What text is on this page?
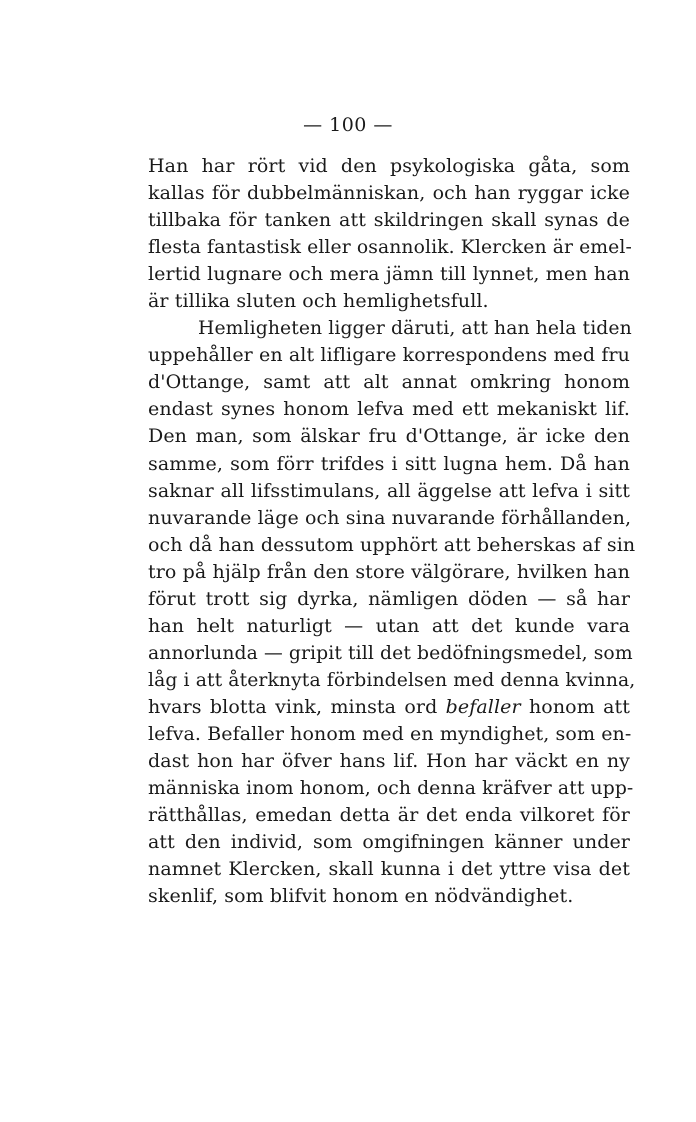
— 100 —
Han har rört vid den psykologiska gåta, som
kallas för dubbelmänniskan, och han ryggar icke
tillbaka för tanken att skildringen skall synas de
flesta fantastisk eller osannolik. Klercken är emel-
lertid lugnare och mera jämn till lynnet, men han
är tillika sluten och hemlighetsfull.
Hemligheten ligger däruti, att han hela tiden
uppehåller en alt lifligare korrespondens med fru
d'Ottange, samt att alt annat omkring honom
endast synes honom lefva med ett mekaniskt lif.
Den man, som älskar fru d'Ottange, är icke den
samme, som förr trifdes i sitt lugna hem. Då han
saknar all lifsstimulans, all äggelse att lefva i sitt
nuvarande läge och sina nuvarande förhållanden,
och då han dessutom upphört att beherskas af sin
tro på hjälp från den store välgörare, hvilken han
förut trott sig dyrka, nämligen döden — så har
han helt naturligt — utan att det kunde vara
annorlunda — gripit till det bedöfningsmedel, som
låg i att återknyta förbindelsen med denna kvinna,
hvars blotta vink, minsta ord befaller honom att
lefva. Befaller honom med en myndighet, som en-
dast hon har öfver hans lif. Hon har väckt en ny
människa inom honom, och denna kräfver att upp-
rätthållas, emedan detta är det enda vilkoret för
att den individ, som omgifningen känner under
namnet Klercken, skall kunna i det yttre visa det
skenlif, som blifvit honom en nödvändighet.
